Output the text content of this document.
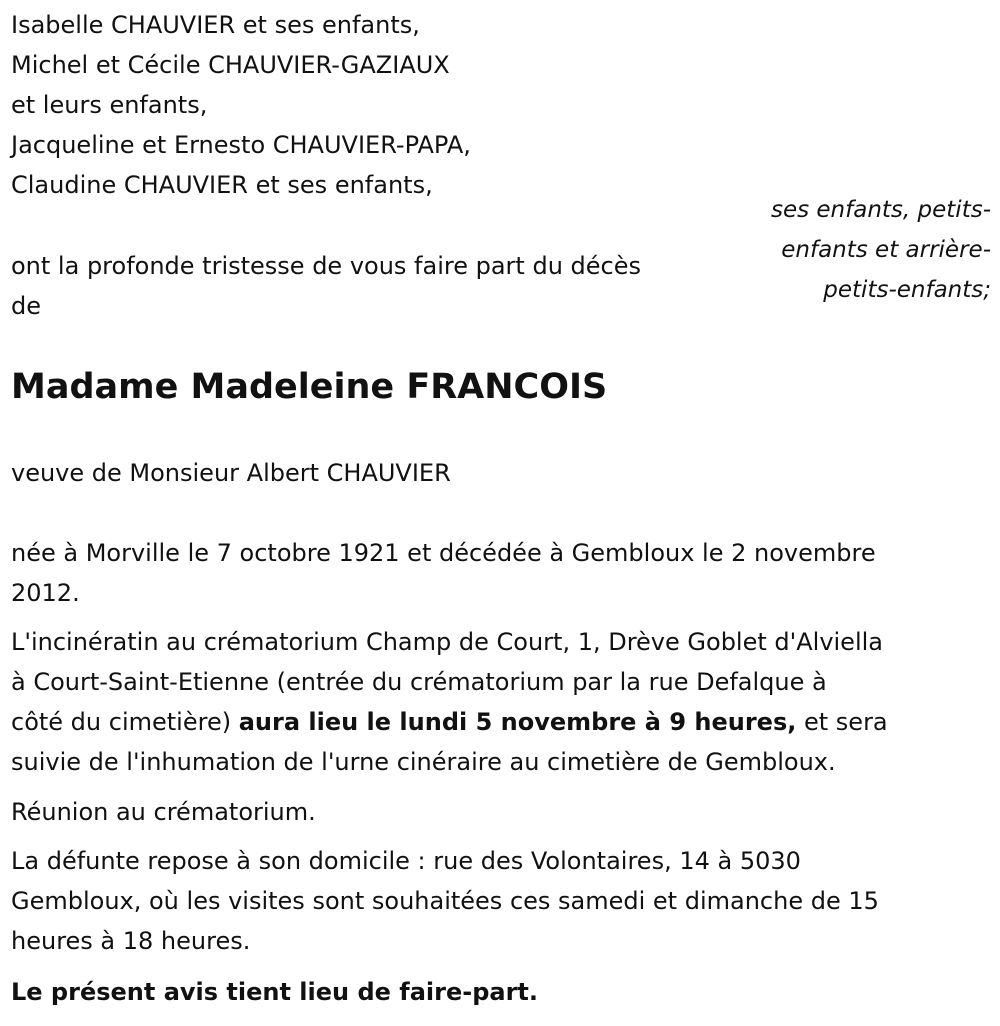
Isabelle CHAUVIER et ses enfants,
Michel et Cécile CHAUVIER-GAZIAUX
et leurs enfants,
Jacqueline et Ernesto CHAUVIER-PAPA,
Claudine CHAUVIER et ses enfants,
ses enfants, petits-
enfants et arrière-
petits-enfants;
ont la profonde tristesse de vous faire part du décès
de
Madame Madeleine FRANCOIS
veuve de Monsieur Albert CHAUVIER
née à Morville le 7 octobre 1921 et décédée à Gembloux le 2 novembre
2012.
L'incinératin au crématorium Champ de Court, 1, Drève Goblet d'Alviella
à Court-Saint-Etienne (entrée du crématorium par la rue Defalque à
côté du cimetière) aura lieu le lundi 5 novembre à 9 heures, et sera
suivie de l'inhumation de l'urne cinéraire au cimetière de Gembloux.
Réunion au crématorium.
La défunte repose à son domicile : rue des Volontaires, 14 à 5030
Gembloux, où les visites sont souhaitées ces samedi et dimanche de 15
heures à 18 heures.
Le présent avis tient lieu de faire-part.
